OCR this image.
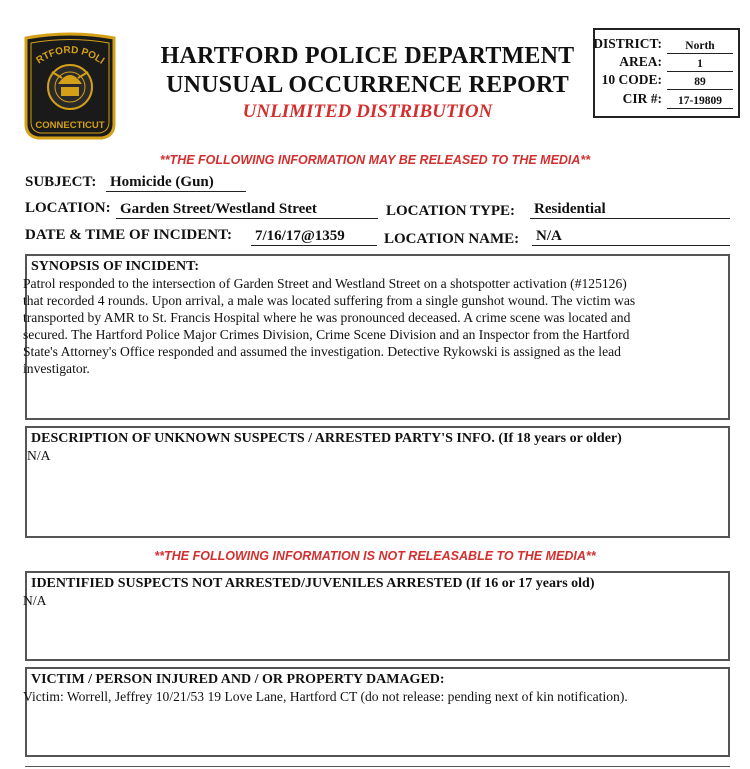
RTFORD POLI
CONNECTICUT
HARTFORD POLICE DEPARTMENT
UNUSUAL OCCURRENCE REPORT
UNLIMITED DISTRIBUTION
DISTRICT:	North
AREA:	1
10 CODE:	89
CIR #:	17-19809
**THE FOLLOWING INFORMATION MAY BE RELEASED TO THE MEDIA**
SUBJECT: Homicide (Gun)
LOCATION: Garden Street/Westland Street	LOCATION TYPE: Residential
DATE & TIME OF INCIDENT: 7/16/17@1359	LOCATION NAME: N/A
SYNOPSIS OF INCIDENT:
Patrol responded to the intersection of Garden Street and Westland Street on a shotspotter activation (#125126)
that recorded 4 rounds. Upon arrival, a male was located suffering from a single gunshot wound. The victim was
transported by AMR to St. Francis Hospital where he was pronounced deceased. A crime scene was located and
secured. The Hartford Police Major Crimes Division, Crime Scene Division and an Inspector from the Hartford
State's Attorney's Office responded and assumed the investigation. Detective Rykowski is assigned as the lead
investigator.
DESCRIPTION OF UNKNOWN SUSPECTS / ARRESTED PARTY'S INFO. (If 18 years or older)
N/A
**THE FOLLOWING INFORMATION IS NOT RELEASABLE TO THE MEDIA**
IDENTIFIED SUSPECTS NOT ARRESTED/JUVENILES ARRESTED (If 16 or 17 years old)
N/A
VICTIM / PERSON INJURED AND / OR PROPERTY DAMAGED:
Victim: Worrell, Jeffrey 10/21/53 19 Love Lane, Hartford CT (do not release: pending next of kin notification).
